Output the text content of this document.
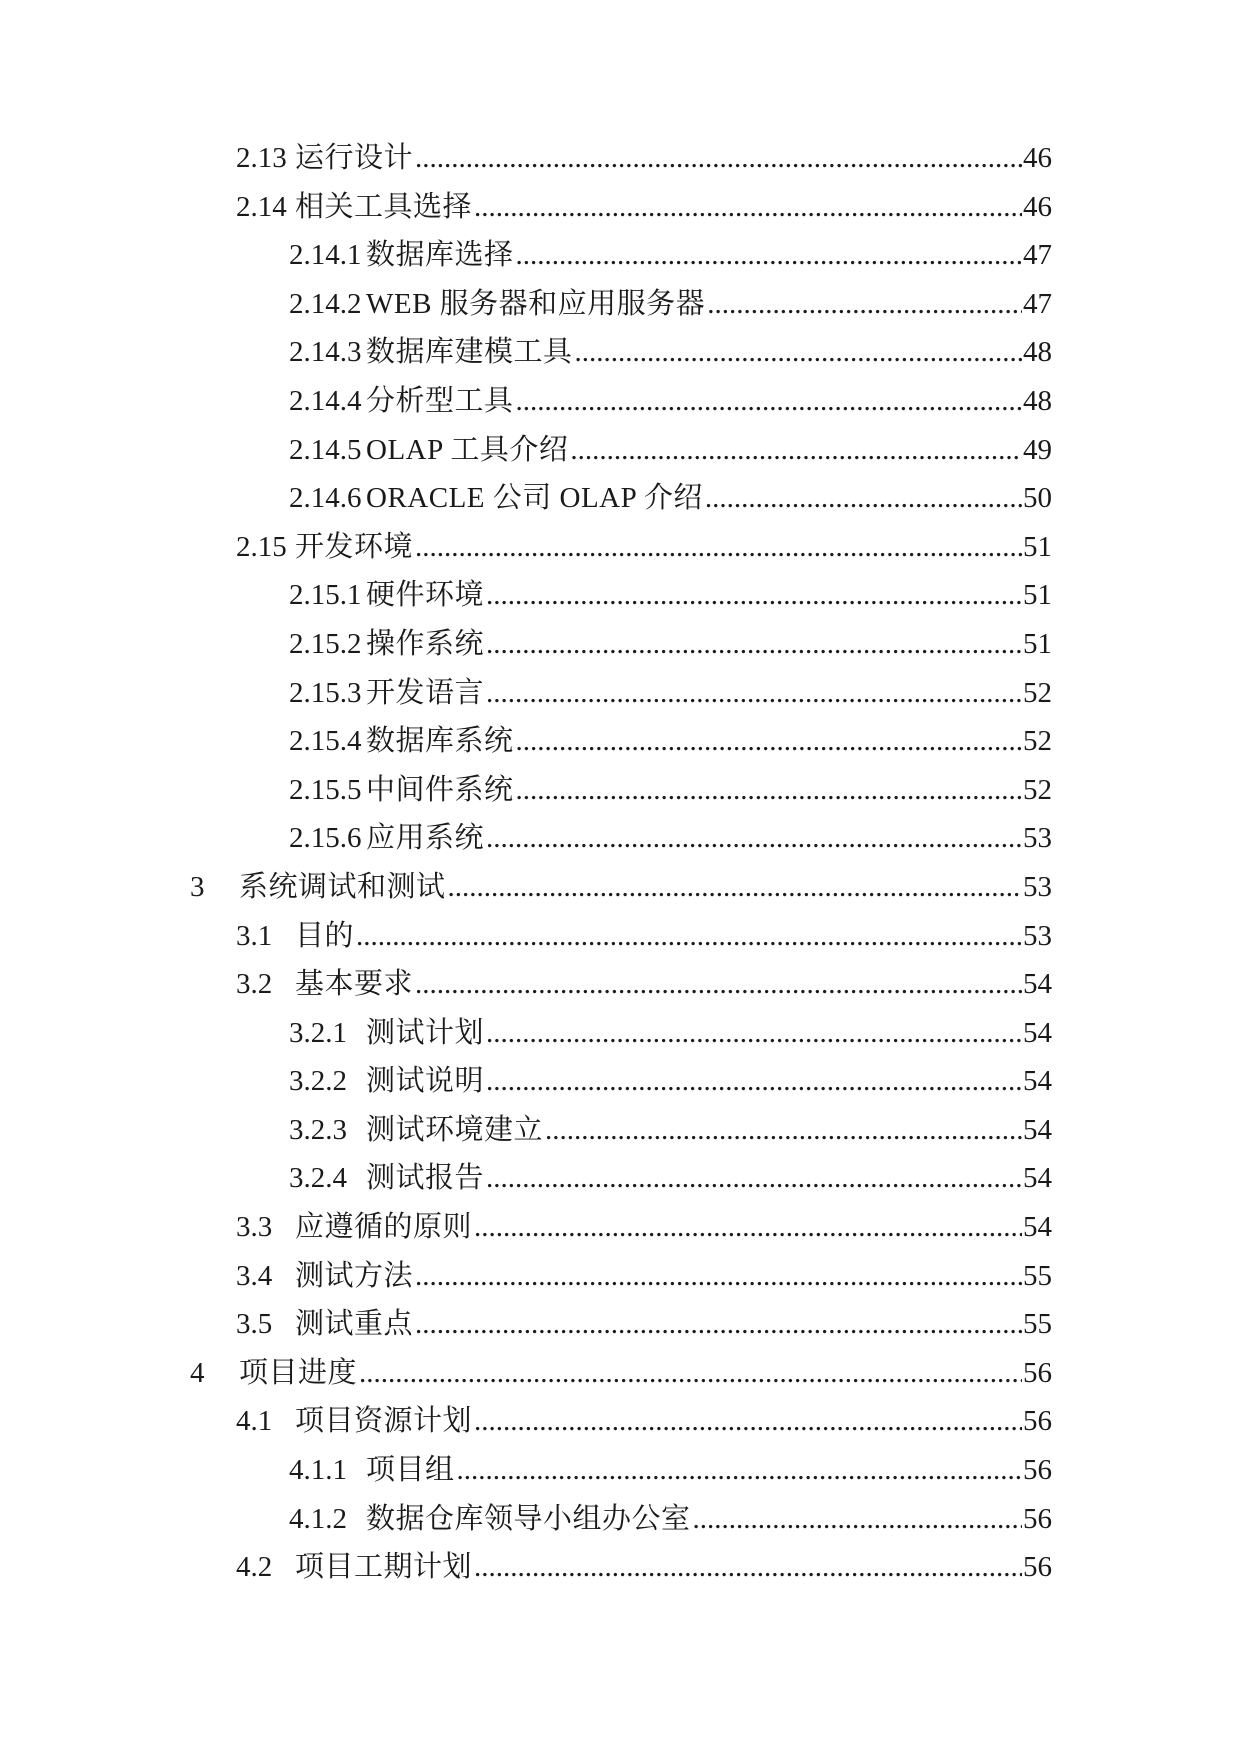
2.13 运行设计 .....	46
2.14 相关工具选择 .....	46
2.14.1 数据库选择 .....	47
2.14.2 WEB 服务器和应用服务器 .....	47
2.14.3 数据库建模工具 .....	48
2.14.4 分析型工具 .....	48
2.14.5 OLAP 工具介绍 .....	49
2.14.6 ORACLE 公司 OLAP 介绍 .....	50
2.15 开发环境 .....	51
2.15.1 硬件环境 .....	51
2.15.2 操作系统 .....	51
2.15.3 开发语言 .....	52
2.15.4 数据库系统 .....	52
2.15.5 中间件系统 .....	52
2.15.6 应用系统 .....	53
3	系统调试和测试 .....	53
3.1 目的 .....	53
3.2 基本要求 .....	54
3.2.1 测试计划 .....	54
3.2.2 测试说明 .....	54
3.2.3 测试环境建立 .....	54
3.2.4 测试报告 .....	54
3.3 应遵循的原则 .....	54
3.4 测试方法 .....	55
3.5 测试重点 .....	55
4	项目进度 .....	56
4.1 项目资源计划 .....	56
4.1.1 项目组 .....	56
4.1.2 数据仓库领导小组办公室 .....	56
4.2 项目工期计划 .....	56
